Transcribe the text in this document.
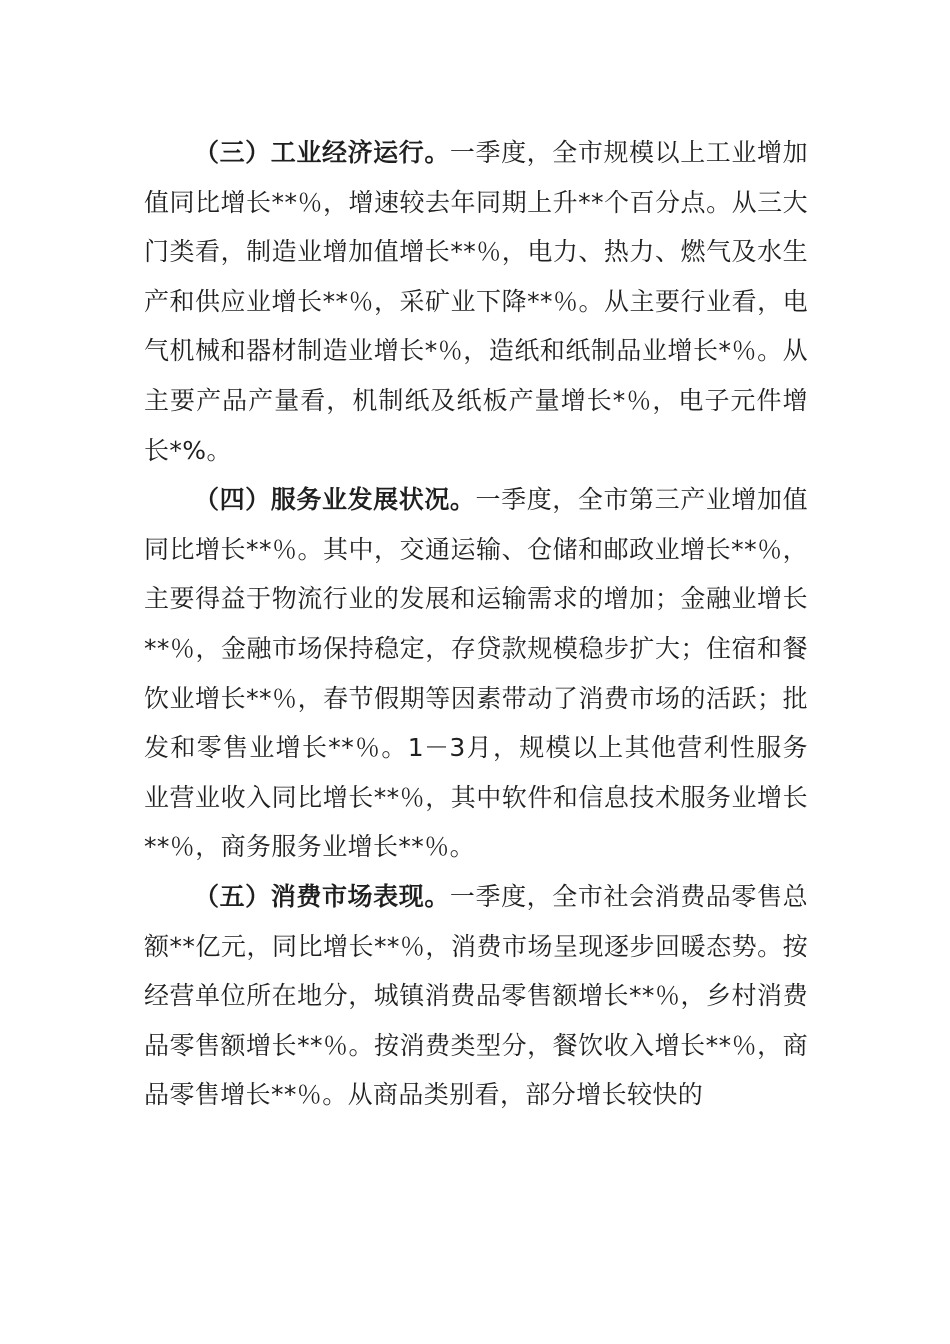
（三）工业经济运行。一季度，全市规模以上工业增加值同比增长**％，增速较去年同期上升**个百分点。从三大门类看，制造业增加值增长**％，电力、热力、燃气及水生产和供应业增长**％，采矿业下降**％。从主要行业看，电气机械和器材制造业增长*％，造纸和纸制品业增长*％。从主要产品产量看，机制纸及纸板产量增长*％，电子元件增长*%。

（四）服务业发展状况。一季度，全市第三产业增加值同比增长**％。其中，交通运输、仓储和邮政业增长**％，主要得益于物流行业的发展和运输需求的增加；金融业增长**％，金融市场保持稳定，存贷款规模稳步扩大；住宿和餐饮业增长**％，春节假期等因素带动了消费市场的活跃；批发和零售业增长**％。1－3月，规模以上其他营利性服务业营业收入同比增长**％，其中软件和信息技术服务业增长**％，商务服务业增长**％。

（五）消费市场表现。一季度，全市社会消费品零售总额**亿元，同比增长**％，消费市场呈现逐步回暖态势。按经营单位所在地分，城镇消费品零售额增长**％，乡村消费品零售额增长**％。按消费类型分，餐饮收入增长**％，商品零售增长**％。从商品类别看，部分增长较快的
